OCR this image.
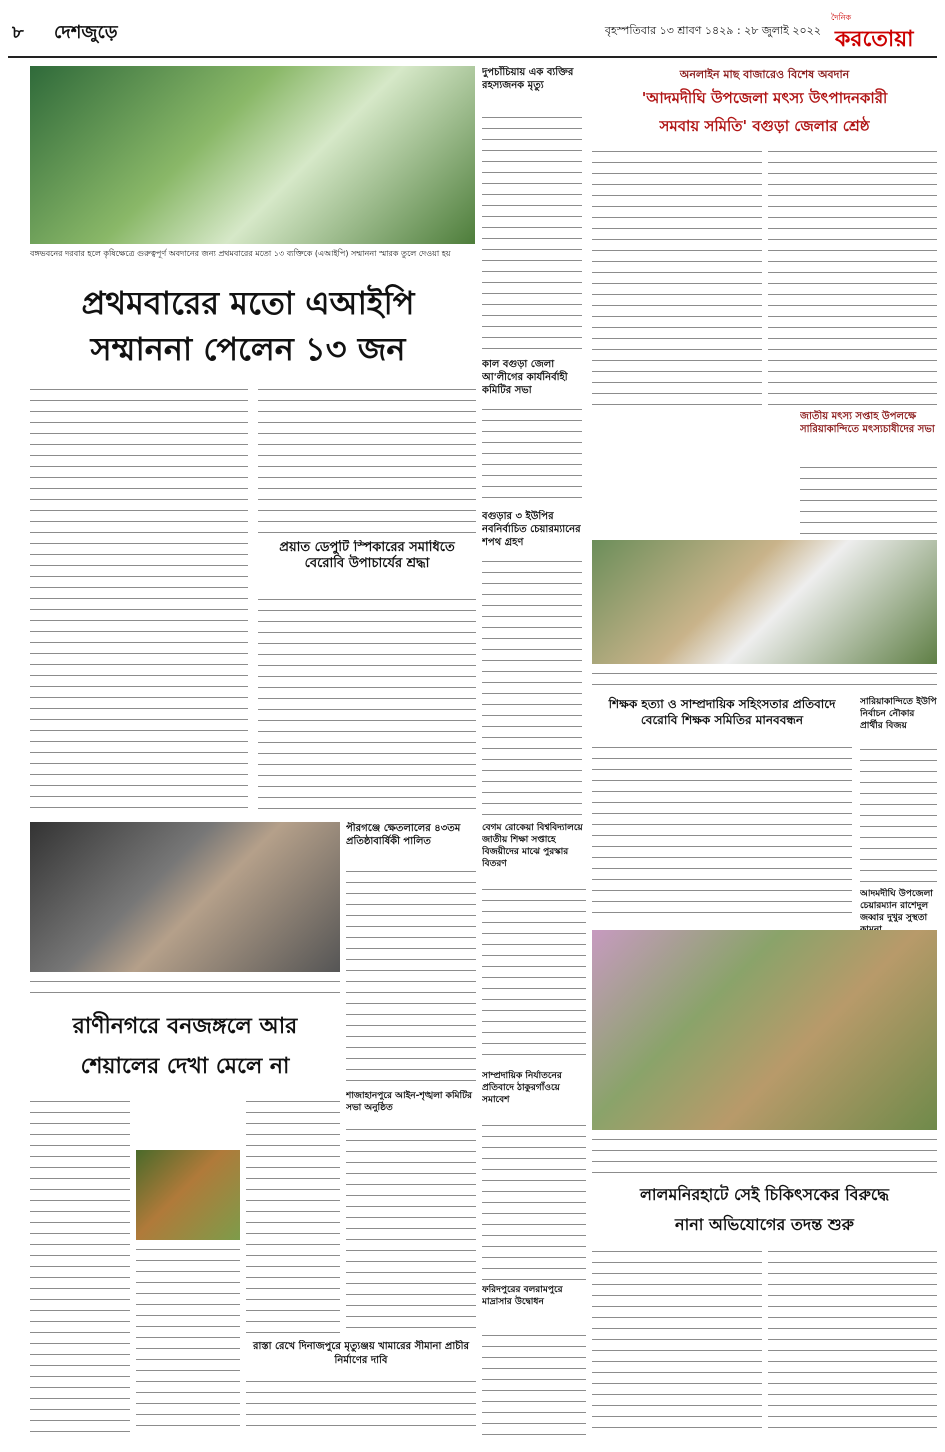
৮ দেশজুড়ে	বৃহস্পতিবার ১৩ শ্রাবণ ১৪২৯ : ২৮ জুলাই ২০২২
দৈনিক
করতোয়া
বঙ্গভবনের দরবার হলে কৃষিক্ষেত্রে গুরুত্বপূর্ণ অবদানের জন্য প্রথমবারের মতো ১৩ ব্যক্তিকে (এআইপি) সম্মাননা স্মারক তুলে দেওয়া হয়
প্রথমবারের মতো এআইপি
সম্মাননা পেলেন ১৩ জন
প্রয়াত ডেপুটি স্পিকারের সমাধিতে বেরোবি উপাচার্যের শ্রদ্ধা
দুপচাঁচিয়ায় এক ব্যক্তির রহস্যজনক মৃত্যু
কাল বগুড়া জেলা আ'লীগের কার্যনির্বাহী কমিটির সভা
বগুড়ার ৩ ইউপির নবনির্বাচিত চেয়ারম্যানের শপথ গ্রহণ
অনলাইন মাছ বাজারেও বিশেষ অবদান
'আদমদীঘি উপজেলা মৎস্য উৎপাদনকারী
সমবায় সমিতি' বগুড়া জেলার শ্রেষ্ঠ
জাতীয় মৎস্য সপ্তাহ উপলক্ষে সারিয়াকান্দিতে মৎস্যচাষীদের সভা
শিক্ষক হত্যা ও সাম্প্রদায়িক সহিংসতার প্রতিবাদে বেরোবি শিক্ষক সমিতির মানববন্ধন
সারিয়াকান্দিতে ইউপি নির্বাচন নৌকার প্রার্থীর বিজয়
আদমদীঘি উপজেলা চেয়ারম্যান রাশেদুল জব্বার দুখুর সুস্থতা
বেগম রোকেয়া বিশ্ববিদ্যালয়ে জাতীয় শিক্ষা সপ্তাহে বিজয়ীদের মাঝে পুরস্কার বিতরণ
পীরগঞ্জে ক্ষেতলালের ৪৩তম প্রতিষ্ঠাবার্ষিকী পালিত
রাণীনগরে বনজঙ্গলে আর
শেয়ালের দেখা মেলে না
রাস্তা রেখে দিনাজপুরে মৃত্যুঞ্জয় খামারের সীমানা প্রাচীর নির্মাণের দাবি
সাম্প্রদায়িক নির্যাতনের প্রতিবাদে ঠাকুরগাঁওয়ে সমাবেশ
শাজাহানপুরে আইন-শৃঙ্খলা কমিটির সভা অনুষ্ঠিত
ফরিদপুরের বলরামপুরে মাদ্রাসার উদ্বোধন
লালমনিরহাটে সেই চিকিৎসকের বিরুদ্ধে
নানা অভিযোগের তদন্ত শুরু
